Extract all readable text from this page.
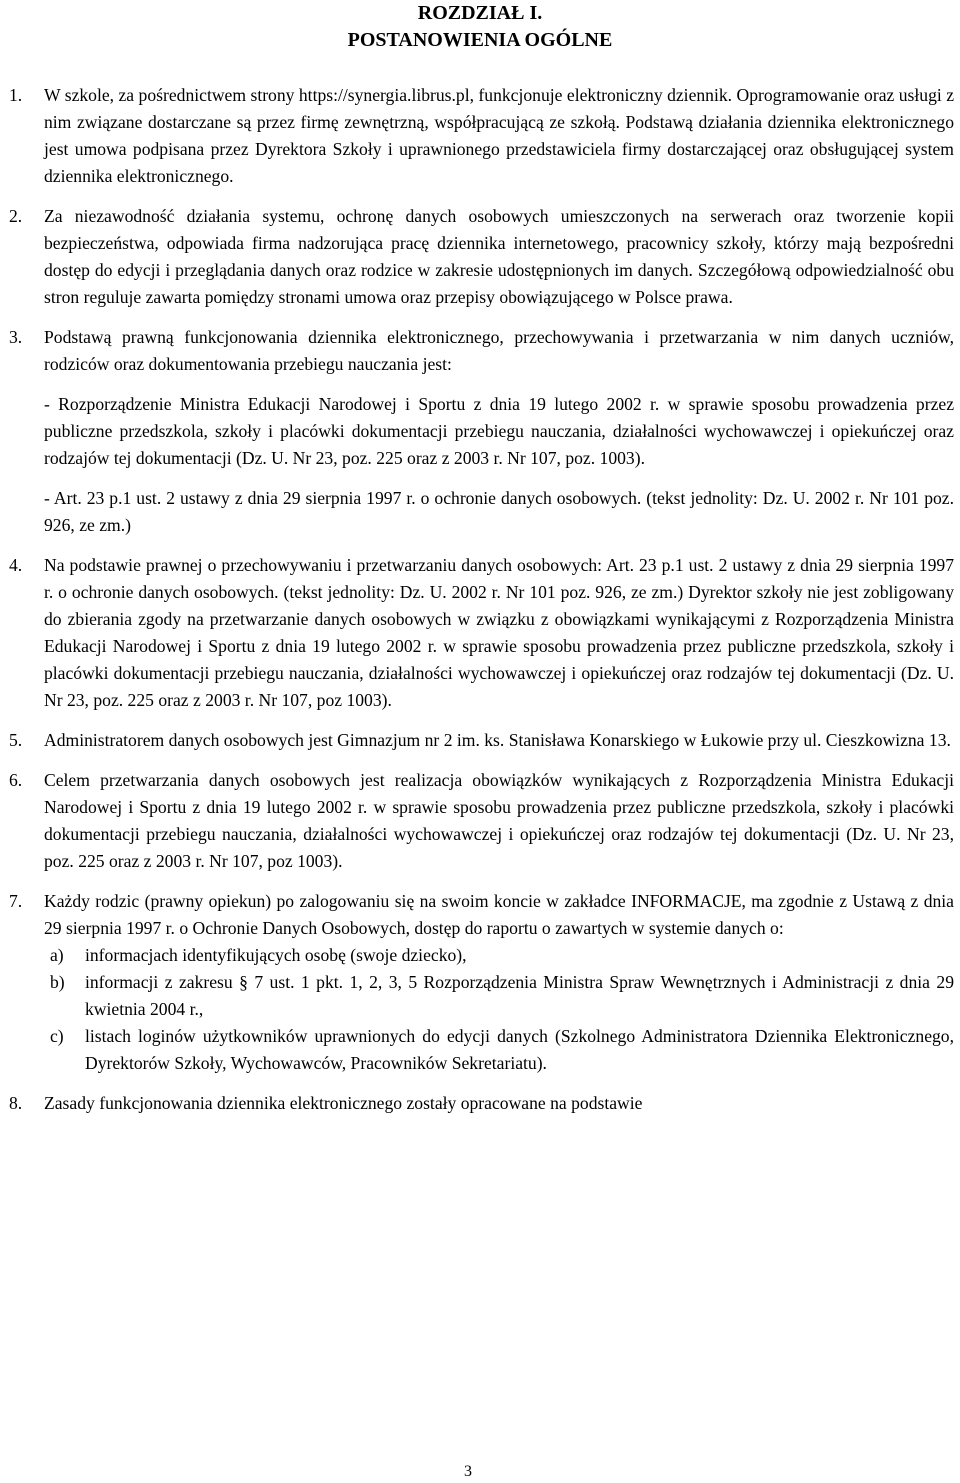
ROZDZIAŁ I.

POSTANOWIENIA OGÓLNE

1.	W szkole, za pośrednictwem strony https://synergia.librus.pl, funkcjonuje elektroniczny dziennik. Oprogramowanie oraz usługi z nim związane dostarczane są przez firmę zewnętrzną, współpracującą ze szkołą. Podstawą działania dziennika elektronicznego jest umowa podpisana przez Dyrektora Szkoły i uprawnionego przedstawiciela firmy dostarczającej oraz obsługującej system dziennika elektronicznego.

2.	Za niezawodność działania systemu, ochronę danych osobowych umieszczonych na serwerach oraz tworzenie kopii bezpieczeństwa, odpowiada firma nadzorująca pracę dziennika internetowego, pracownicy szkoły, którzy mają bezpośredni dostęp do edycji i przeglądania danych oraz rodzice w zakresie udostępnionych im danych. Szczegółową odpowiedzialność obu stron reguluje zawarta pomiędzy stronami umowa oraz przepisy obowiązującego w Polsce prawa.

3.	Podstawą prawną funkcjonowania dziennika elektronicznego, przechowywania i przetwarzania w nim danych uczniów, rodziców oraz dokumentowania przebiegu nauczania jest:

- Rozporządzenie Ministra Edukacji Narodowej i Sportu z dnia 19 lutego 2002 r. w sprawie sposobu prowadzenia przez publiczne przedszkola, szkoły i placówki dokumentacji przebiegu nauczania, działalności wychowawczej i opiekuńczej oraz rodzajów tej dokumentacji (Dz. U. Nr 23, poz. 225 oraz z 2003 r. Nr 107, poz. 1003).

- Art. 23 p.1 ust. 2 ustawy z dnia 29 sierpnia 1997 r. o ochronie danych osobowych. (tekst jednolity: Dz. U. 2002 r. Nr 101 poz. 926, ze zm.)

4.	Na podstawie prawnej o przechowywaniu i przetwarzaniu danych osobowych: Art. 23 p.1 ust. 2 ustawy z dnia 29 sierpnia 1997 r. o ochronie danych osobowych. (tekst jednolity: Dz. U. 2002 r. Nr 101 poz. 926, ze zm.) Dyrektor szkoły nie jest zobligowany do zbierania zgody na przetwarzanie danych osobowych w związku z obowiązkami wynikającymi z Rozporządzenia Ministra Edukacji Narodowej i Sportu z dnia 19 lutego 2002 r. w sprawie sposobu prowadzenia przez publiczne przedszkola, szkoły i placówki dokumentacji przebiegu nauczania, działalności wychowawczej i opiekuńczej oraz rodzajów tej dokumentacji (Dz. U. Nr 23, poz. 225 oraz z 2003 r. Nr 107, poz 1003).

5.	Administratorem danych osobowych jest Gimnazjum nr 2 im. ks. Stanisława Konarskiego w Łukowie przy ul. Cieszkowizna 13.

6.	Celem przetwarzania danych osobowych jest realizacja obowiązków wynikających z Rozporządzenia Ministra Edukacji Narodowej i Sportu z dnia 19 lutego 2002 r. w sprawie sposobu prowadzenia przez publiczne przedszkola, szkoły i placówki dokumentacji przebiegu nauczania, działalności wychowawczej i opiekuńczej oraz rodzajów tej dokumentacji (Dz. U. Nr 23, poz. 225 oraz z 2003 r. Nr 107, poz 1003).

7.	Każdy rodzic (prawny opiekun) po zalogowaniu się na swoim koncie w zakładce INFORMACJE, ma zgodnie z Ustawą z dnia 29 sierpnia 1997 r. o Ochronie Danych Osobowych, dostęp do raportu o zawartych w systemie danych o:

a)	informacjach identyfikujących osobę (swoje dziecko),
b)	informacji z zakresu § 7 ust. 1 pkt. 1, 2, 3, 5 Rozporządzenia Ministra Spraw Wewnętrznych i Administracji z dnia 29 kwietnia 2004 r.,
c)	listach loginów użytkowników uprawnionych do edycji danych (Szkolnego Administratora Dziennika Elektronicznego, Dyrektorów Szkoły, Wychowawców, Pracowników Sekretariatu).
8.	Zasady funkcjonowania dziennika elektronicznego zostały opracowane na podstawie

3
